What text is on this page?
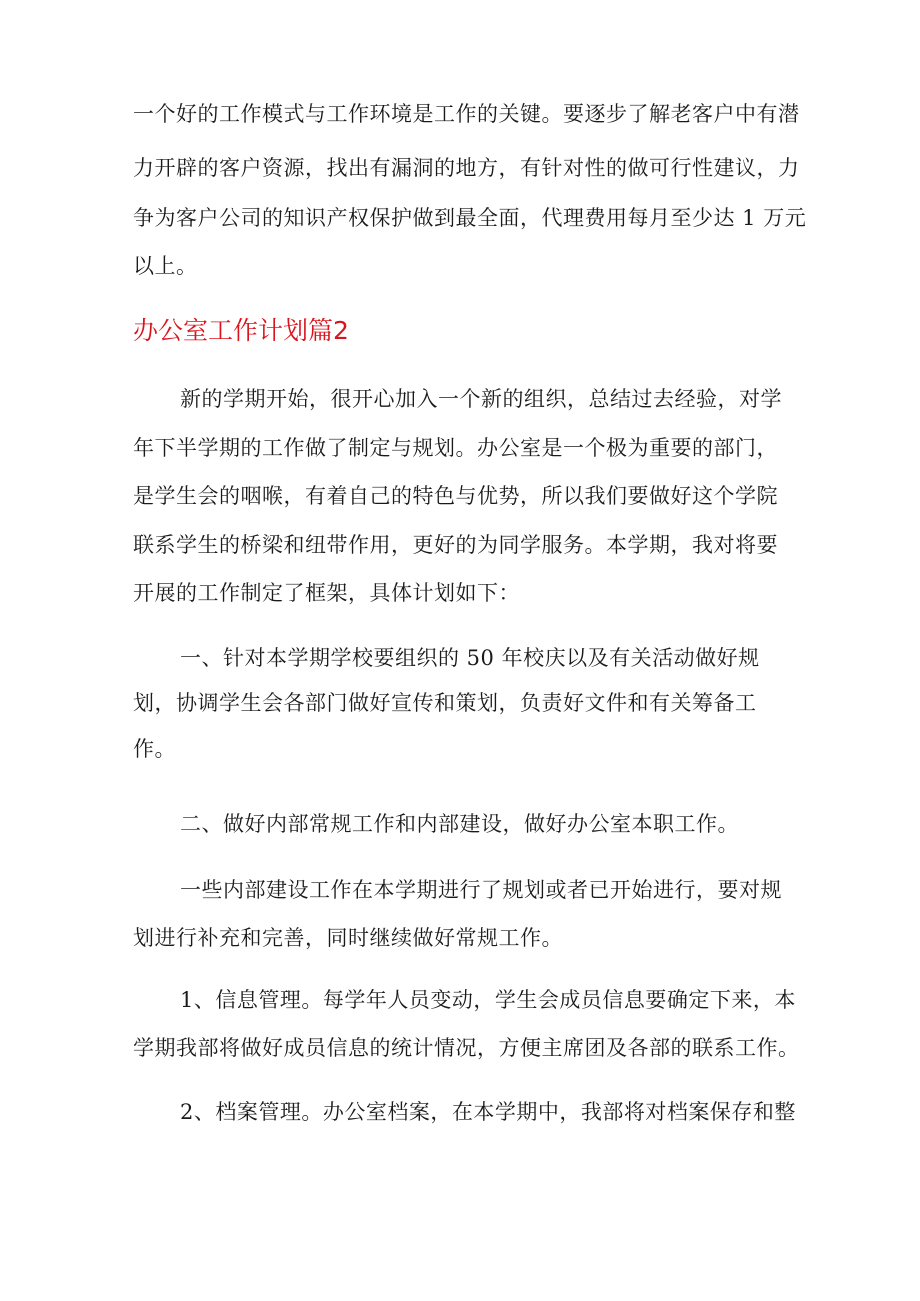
一个好的工作模式与工作环境是工作的关键。要逐步了解老客户中有潜
力开辟的客户资源，找出有漏洞的地方，有针对性的做可行性建议，力
争为客户公司的知识产权保护做到最全面，代理费用每月至少达 1 万元
以上。
办公室工作计划篇2
新的学期开始，很开心加入一个新的组织，总结过去经验，对学
年下半学期的工作做了制定与规划。办公室是一个极为重要的部门，
是学生会的咽喉，有着自己的特色与优势，所以我们要做好这个学院
联系学生的桥梁和纽带作用，更好的为同学服务。本学期，我对将要
开展的工作制定了框架，具体计划如下：
一、针对本学期学校要组织的 50 年校庆以及有关活动做好规
划，协调学生会各部门做好宣传和策划，负责好文件和有关筹备工
作。
二、做好内部常规工作和内部建设，做好办公室本职工作。
一些内部建设工作在本学期进行了规划或者已开始进行，要对规
划进行补充和完善，同时继续做好常规工作。
1、信息管理。每学年人员变动，学生会成员信息要确定下来，本
学期我部将做好成员信息的统计情况，方便主席团及各部的联系工作。
2、档案管理。办公室档案，在本学期中，我部将对档案保存和整
